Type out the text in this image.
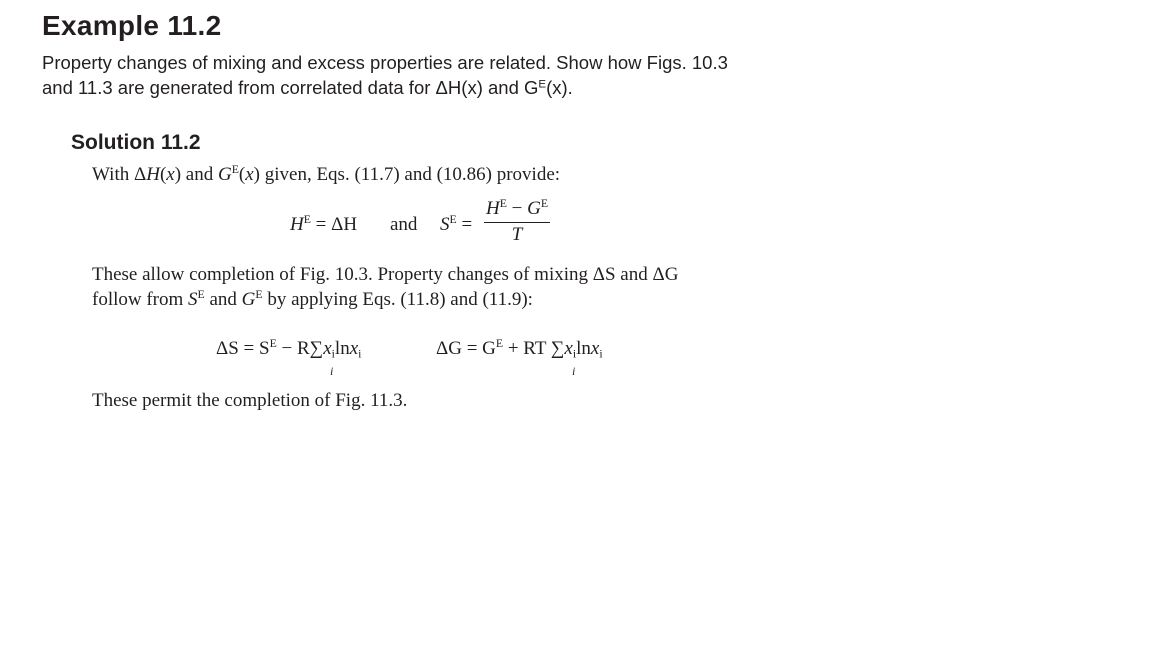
Example 11.2
Property changes of mixing and excess properties are related. Show how Figs. 10.3
and 11.3 are generated from correlated data for ΔH(x) and $G^E(x)$.
Solution 11.2
With ΔH(x) and $G^E(x)$ given, Eqs. (11.7) and (10.86) provide:
$H^E = \Delta H$ and $S^E = \frac{H^E - G^E}{T}$
These allow completion of Fig. 10.3. Property changes of mixing ΔS and ΔG
follow from $S^E$ and $G^E$ by applying Eqs. (11.8) and (11.9):
$\Delta S = S^E - R\sum x_i\ln x_i$
i
$\Delta G = G^E$ + RT $\sum x_i\ln x_i$
i
These permit the completion of Fig. 11.3.
